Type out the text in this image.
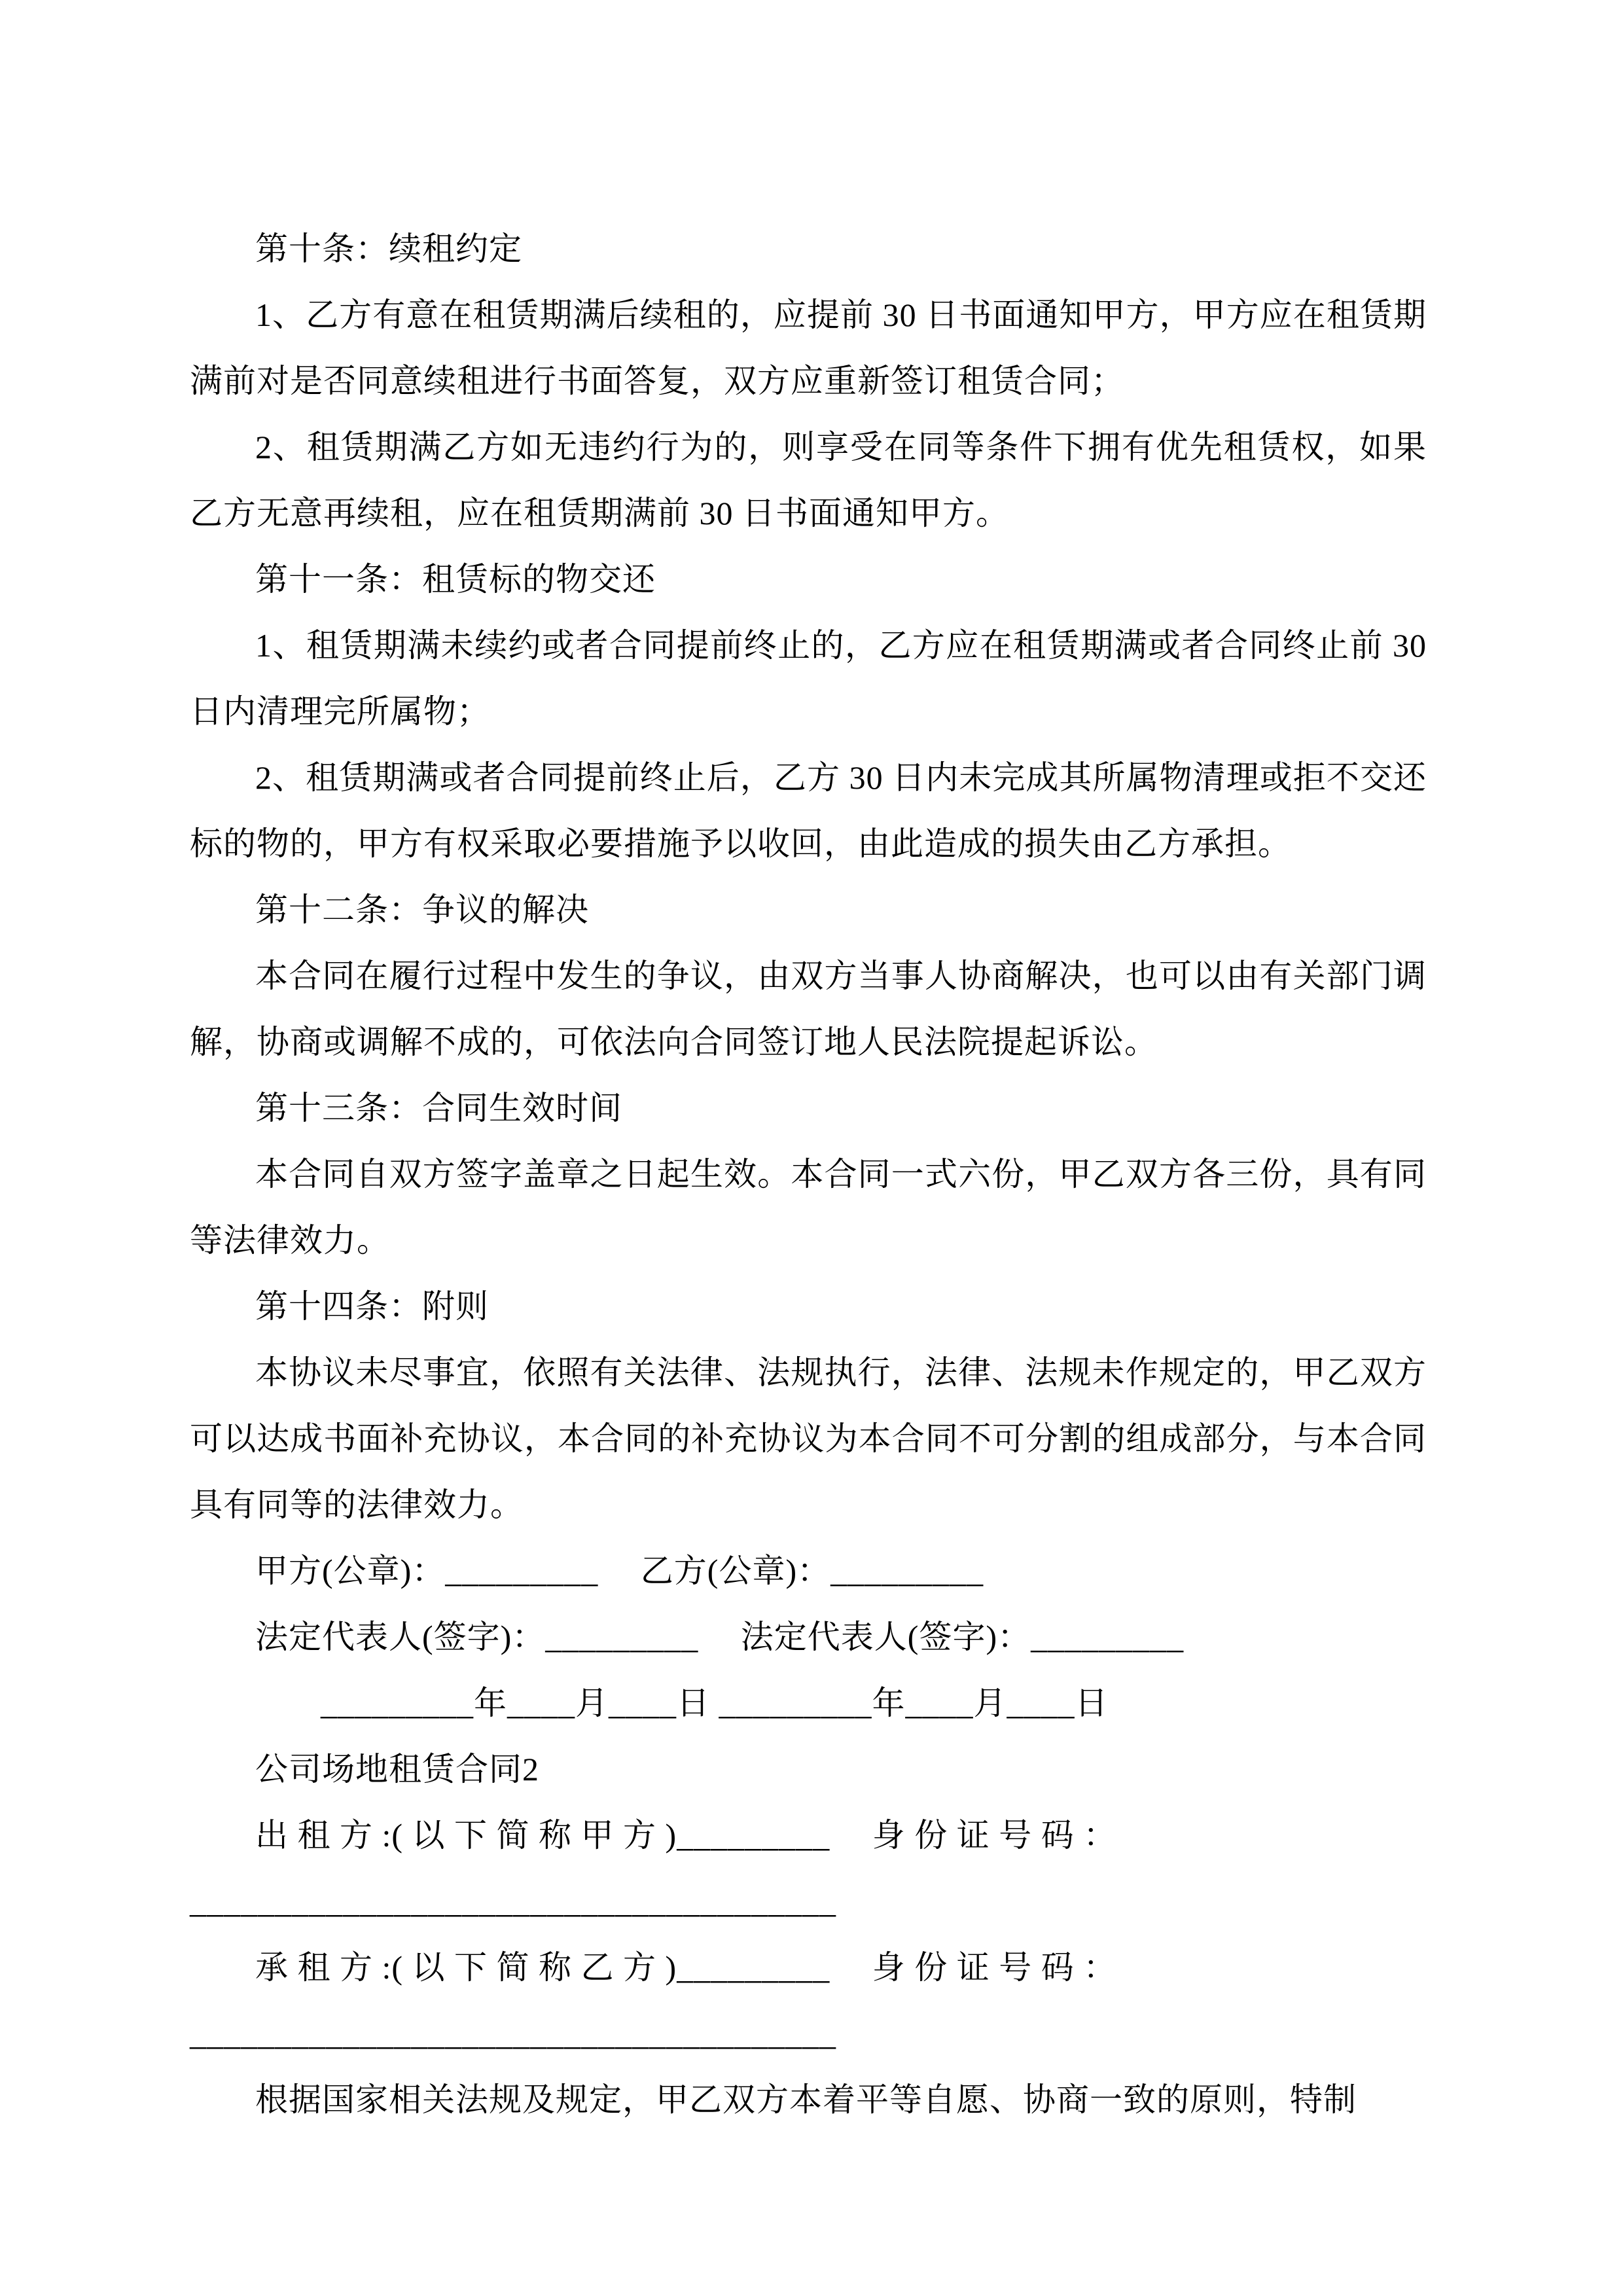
第十条：续租约定

1、乙方有意在租赁期满后续租的，应提前 30 日书面通知甲方，甲方应在租赁期满前对是否同意续租进行书面答复，双方应重新签订租赁合同；

2、租赁期满乙方如无违约行为的，则享受在同等条件下拥有优先租赁权，如果乙方无意再续租，应在租赁期满前 30 日书面通知甲方。

第十一条：租赁标的物交还

1、租赁期满未续约或者合同提前终止的，乙方应在租赁期满或者合同终止前 30 日内清理完所属物；

2、租赁期满或者合同提前终止后，乙方 30 日内未完成其所属物清理或拒不交还标的物的，甲方有权采取必要措施予以收回，由此造成的损失由乙方承担。

第十二条：争议的解决

本合同在履行过程中发生的争议，由双方当事人协商解决，也可以由有关部门调解，协商或调解不成的，可依法向合同签订地人民法院提起诉讼。

第十三条：合同生效时间

本合同自双方签字盖章之日起生效。本合同一式六份，甲乙双方各三份，具有同等法律效力。

第十四条：附则

本协议未尽事宜，依照有关法律、法规执行，法律、法规未作规定的，甲乙双方可以达成书面补充协议，本合同的补充协议为本合同不可分割的组成部分，与本合同具有同等的法律效力。

甲方(公章)：_________　 乙方(公章)：_________

法定代表人(签字)：_________　 法定代表人(签字)：_________

_________年____月____日 _________年____月____日

公司场地租赁合同2

出 租 方 :( 以 下 简 称 甲 方 )_________　 身 份 证 号 码 ：

______________________________________

承 租 方 :( 以 下 简 称 乙 方 )_________　 身 份 证 号 码 ：

______________________________________

根据国家相关法规及规定，甲乙双方本着平等自愿、协商一致的原则，特制
